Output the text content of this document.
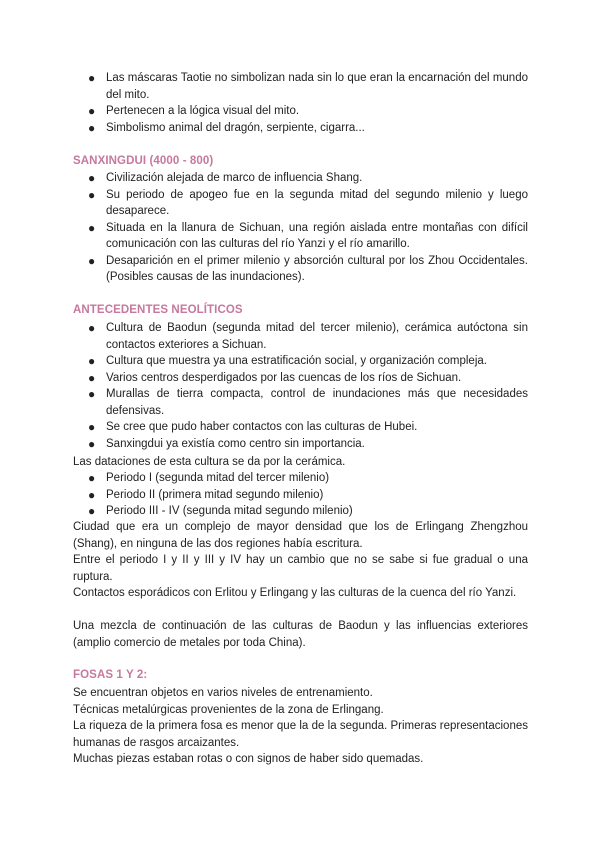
● Las máscaras Taotie no simbolizan nada sin lo que eran la encarnación del mundo del mito.
● Pertenecen a la lógica visual del mito.
● Simbolismo animal del dragón, serpiente, cigarra...
SANXINGDUI (4000 - 800)
● Civilización alejada de marco de influencia Shang.
● Su periodo de apogeo fue en la segunda mitad del segundo milenio y luego desaparece.
● Situada en la llanura de Sichuan, una región aislada entre montañas con difícil comunicación con las culturas del río Yanzi y el río amarillo.
● Desaparición en el primer milenio y absorción cultural por los Zhou Occidentales. (Posibles causas de las inundaciones).
ANTECEDENTES NEOLÍTICOS
● Cultura de Baodun (segunda mitad del tercer milenio), cerámica autóctona sin contactos exteriores a Sichuan.
● Cultura que muestra ya una estratificación social, y organización compleja.
● Varios centros desperdigados por las cuencas de los ríos de Sichuan.
● Murallas de tierra compacta, control de inundaciones más que necesidades defensivas.
● Se cree que pudo haber contactos con las culturas de Hubei.
● Sanxingdui ya existía como centro sin importancia.

Las dataciones de esta cultura se da por la cerámica.

● Periodo I (segunda mitad del tercer milenio)
● Periodo II (primera mitad segundo milenio)
● Periodo III - IV (segunda mitad segundo milenio)

Ciudad que era un complejo de mayor densidad que los de Erlingang Zhengzhou (Shang), en ninguna de las dos regiones había escritura.

Entre el periodo I y II y III y IV hay un cambio que no se sabe si fue gradual o una ruptura.

Contactos esporádicos con Erlitou y Erlingang y las culturas de la cuenca del río Yanzi.

Una mezcla de continuación de las culturas de Baodun y las influencias exteriores (amplio comercio de metales por toda China).

FOSAS 1 Y 2:

Se encuentran objetos en varios niveles de entrenamiento.

Técnicas metalúrgicas provenientes de la zona de Erlingang.

La riqueza de la primera fosa es menor que la de la segunda. Primeras representaciones humanas de rasgos arcaizantes.

Muchas piezas estaban rotas o con signos de haber sido quemadas.
